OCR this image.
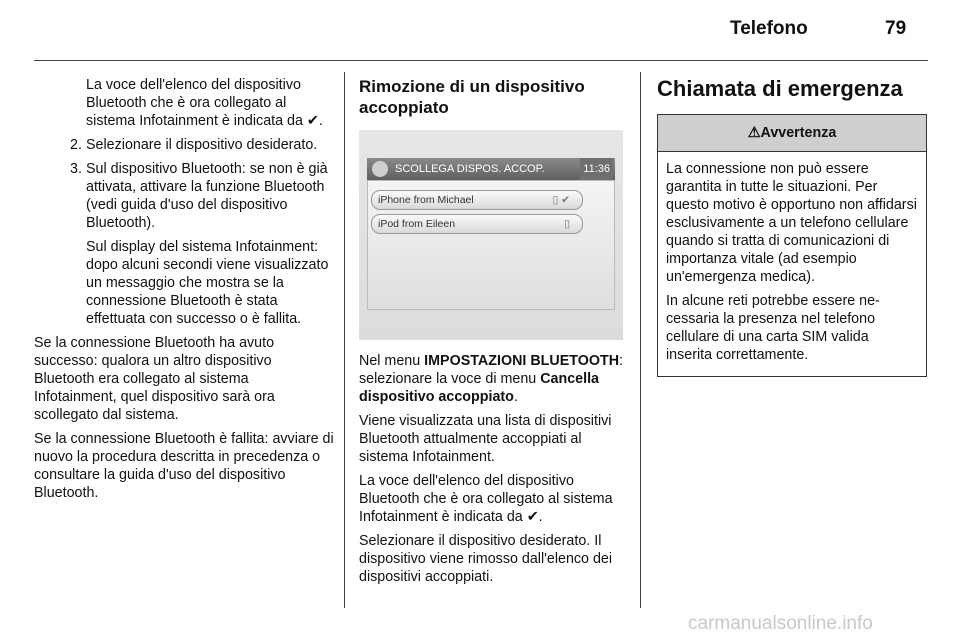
Telefono	79

La voce dell'elenco del dispositivo Bluetooth che è ora collegato al sistema Infotainment è indicata da ✔.

2. Selezionare il dispositivo desiderato.
3. Sul dispositivo Bluetooth: se non è già attivata, attivare la funzione Bluetooth (vedi guida d'uso del dispositivo Bluetooth).

Sul display del sistema Infotainment: dopo alcuni secondi viene visualizzato un messaggio che mostra se la connessione Bluetooth è stata effettuata con successo o è fallita.

Se la connessione Bluetooth ha avuto successo: qualora un altro dispositivo Bluetooth era collegato al sistema Infotainment, quel dispositivo sarà ora scollegato dal sistema.

Se la connessione Bluetooth è fallita: avviare di nuovo la procedura descritta in precedenza o consultare la guida d'uso del dispositivo Bluetooth.

Rimozione di un dispositivo accoppiato
SCOLLEGA DISPOS. ACCOP.	11:36
iPhone from Michael	▯ ✔
iPod from Eileen	▯

Nel menu IMPOSTAZIONI BLUETOOTH: selezionare la voce di menu Cancella dispositivo accoppiato.

Viene visualizzata una lista di dispositivi Bluetooth attualmente accoppiati al sistema Infotainment.

La voce dell'elenco del dispositivo Bluetooth che è ora collegato al sistema Infotainment è indicata da ✔.

Selezionare il dispositivo desiderato. Il dispositivo viene rimosso dall'elenco dei dispositivi accoppiati.

Chiamata di emergenza
⚠Avvertenza

La connessione non può essere garantita in tutte le situazioni. Per questo motivo è opportuno non affidarsi esclusivamente a un telefono cellulare quando si tratta di comunicazioni di importanza vitale (ad esempio un'emergenza medica).

In alcune reti potrebbe essere necessaria la presenza nel telefono cellulare di una carta SIM valida inserita correttamente.

carmanualsonline.info
